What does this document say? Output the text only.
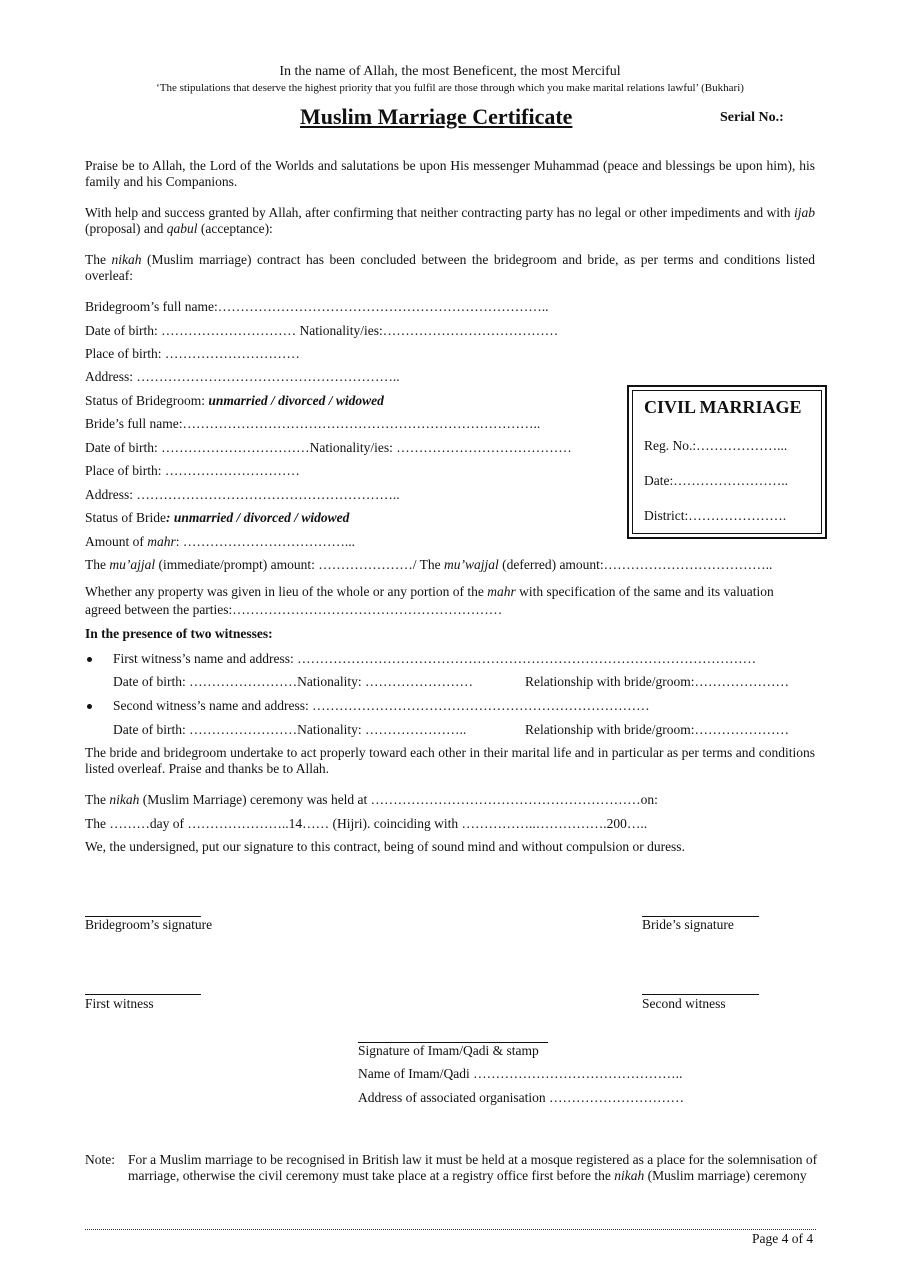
In the name of Allah, the most Beneficent, the most Merciful
‘The stipulations that deserve the highest priority that you fulfil are those through which you make marital relations lawful’ (Bukhari)
Muslim Marriage Certificate	Serial No.:
Praise be to Allah, the Lord of the Worlds and salutations be upon His messenger Muhammad (peace and blessings be upon him), his family and his Companions.
With help and success granted by Allah, after confirming that neither contracting party has no legal or other impediments and with ijab (proposal) and qabul (acceptance):
The nikah (Muslim marriage) contract has been concluded between the bridegroom and bride, as per terms and conditions listed overleaf:
Bridegroom’s full name:………………………………………………………………..
Date of birth: ………………………… Nationality/ies:…………………………………
Place of birth: …………………………
Address: …………………………………………………..
Status of Bridegroom: unmarried / divorced / widowed
Bride’s full name:……………………………………………………………………..
Date of birth: ……………………………Nationality/ies: …………………………………
Place of birth: …………………………
Address: …………………………………………………..
Status of Bride: unmarried / divorced / widowed
CIVIL MARRIAGE
Reg. No.:………………...
Date:……………………..
District:………………….
Amount of mahr: ………………………………...
The mu’ajjal (immediate/prompt) amount: …………………/ The mu’wajjal (deferred) amount:………………………………..
Whether any property was given in lieu of the whole or any portion of the mahr with specification of the same and its valuation agreed between the parties:……………………………………………………
In the presence of two witnesses:
First witness’s name and address: …………………………………………………………………………………………
Date of birth: ……………………Nationality: ……………………	Relationship with bride/groom:…………………
Second witness’s name and address: …………………………………………………………………
Date of birth: ……………………Nationality: …………………..	Relationship with bride/groom:…………………
The bride and bridegroom undertake to act properly toward each other in their marital life and in particular as per terms and conditions listed overleaf. Praise and thanks be to Allah.
The nikah (Muslim Marriage) ceremony was held at ……………………………………………………on:
The ………day of …………………..14…… (Hijri). coinciding with ……………..…………….200…..
We, the undersigned, put our signature to this contract, being of sound mind and without compulsion or duress.
Bridegroom’s signature	Bride’s signature
First witness	Second witness
Signature of Imam/Qadi & stamp
Name of Imam/Qadi ………………………………………..
Address of associated organisation …………………………
Note: For a Muslim marriage to be recognised in British law it must be held at a mosque registered as a place for the solemnisation of marriage, otherwise the civil ceremony must take place at a registry office first before the nikah (Muslim marriage) ceremony
Page 4 of 4
